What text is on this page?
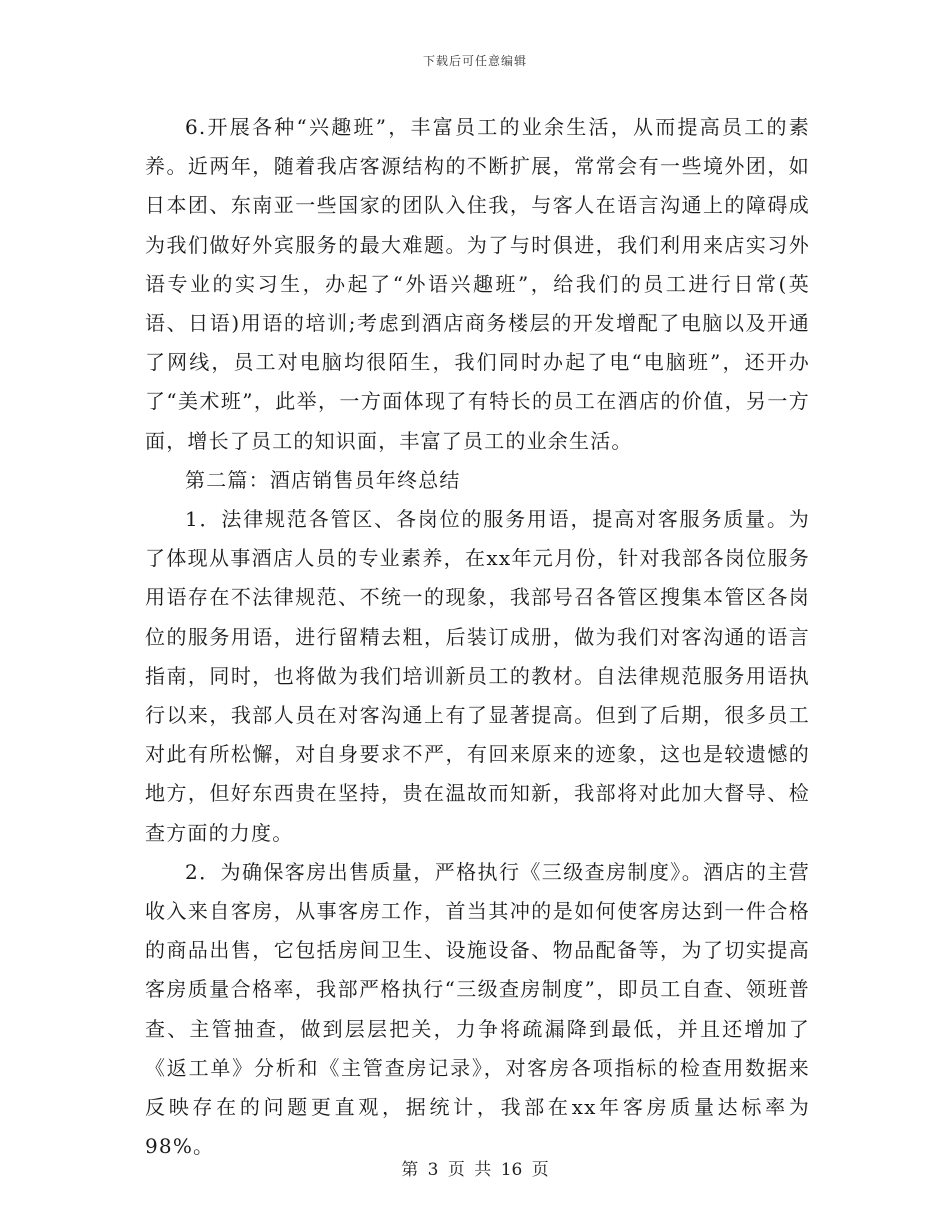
下载后可任意编辑

6.开展各种“兴趣班”，丰富员工的业余生活，从而提高员工的素养。近两年，随着我店客源结构的不断扩展，常常会有一些境外团，如日本团、东南亚一些国家的团队入住我，与客人在语言沟通上的障碍成为我们做好外宾服务的最大难题。为了与时俱进，我们利用来店实习外语专业的实习生，办起了“外语兴趣班”，给我们的员工进行日常(英语、日语)用语的培训;考虑到酒店商务楼层的开发增配了电脑以及开通了网线，员工对电脑均很陌生，我们同时办起了电“电脑班”，还开办了“美术班”，此举，一方面体现了有特长的员工在酒店的价值，另一方面，增长了员工的知识面，丰富了员工的业余生活。

第二篇：酒店销售员年终总结

1．法律规范各管区、各岗位的服务用语，提高对客服务质量。为了体现从事酒店人员的专业素养，在xx年元月份，针对我部各岗位服务用语存在不法律规范、不统一的现象，我部号召各管区搜集本管区各岗位的服务用语，进行留精去粗，后装订成册，做为我们对客沟通的语言指南，同时，也将做为我们培训新员工的教材。自法律规范服务用语执行以来，我部人员在对客沟通上有了显著提高。但到了后期，很多员工对此有所松懈，对自身要求不严，有回来原来的迹象，这也是较遗憾的地方，但好东西贵在坚持，贵在温故而知新，我部将对此加大督导、检查方面的力度。

2．为确保客房出售质量，严格执行《三级查房制度》。酒店的主营收入来自客房，从事客房工作，首当其冲的是如何使客房达到一件合格的商品出售，它包括房间卫生、设施设备、物品配备等，为了切实提高客房质量合格率，我部严格执行“三级查房制度”，即员工自查、领班普查、主管抽查，做到层层把关，力争将疏漏降到最低，并且还增加了《返工单》分析和《主管查房记录》，对客房各项指标的检查用数据来反映存在的问题更直观，据统计，我部在xx年客房质量达标率为98%。

第 3 页 共 16 页
